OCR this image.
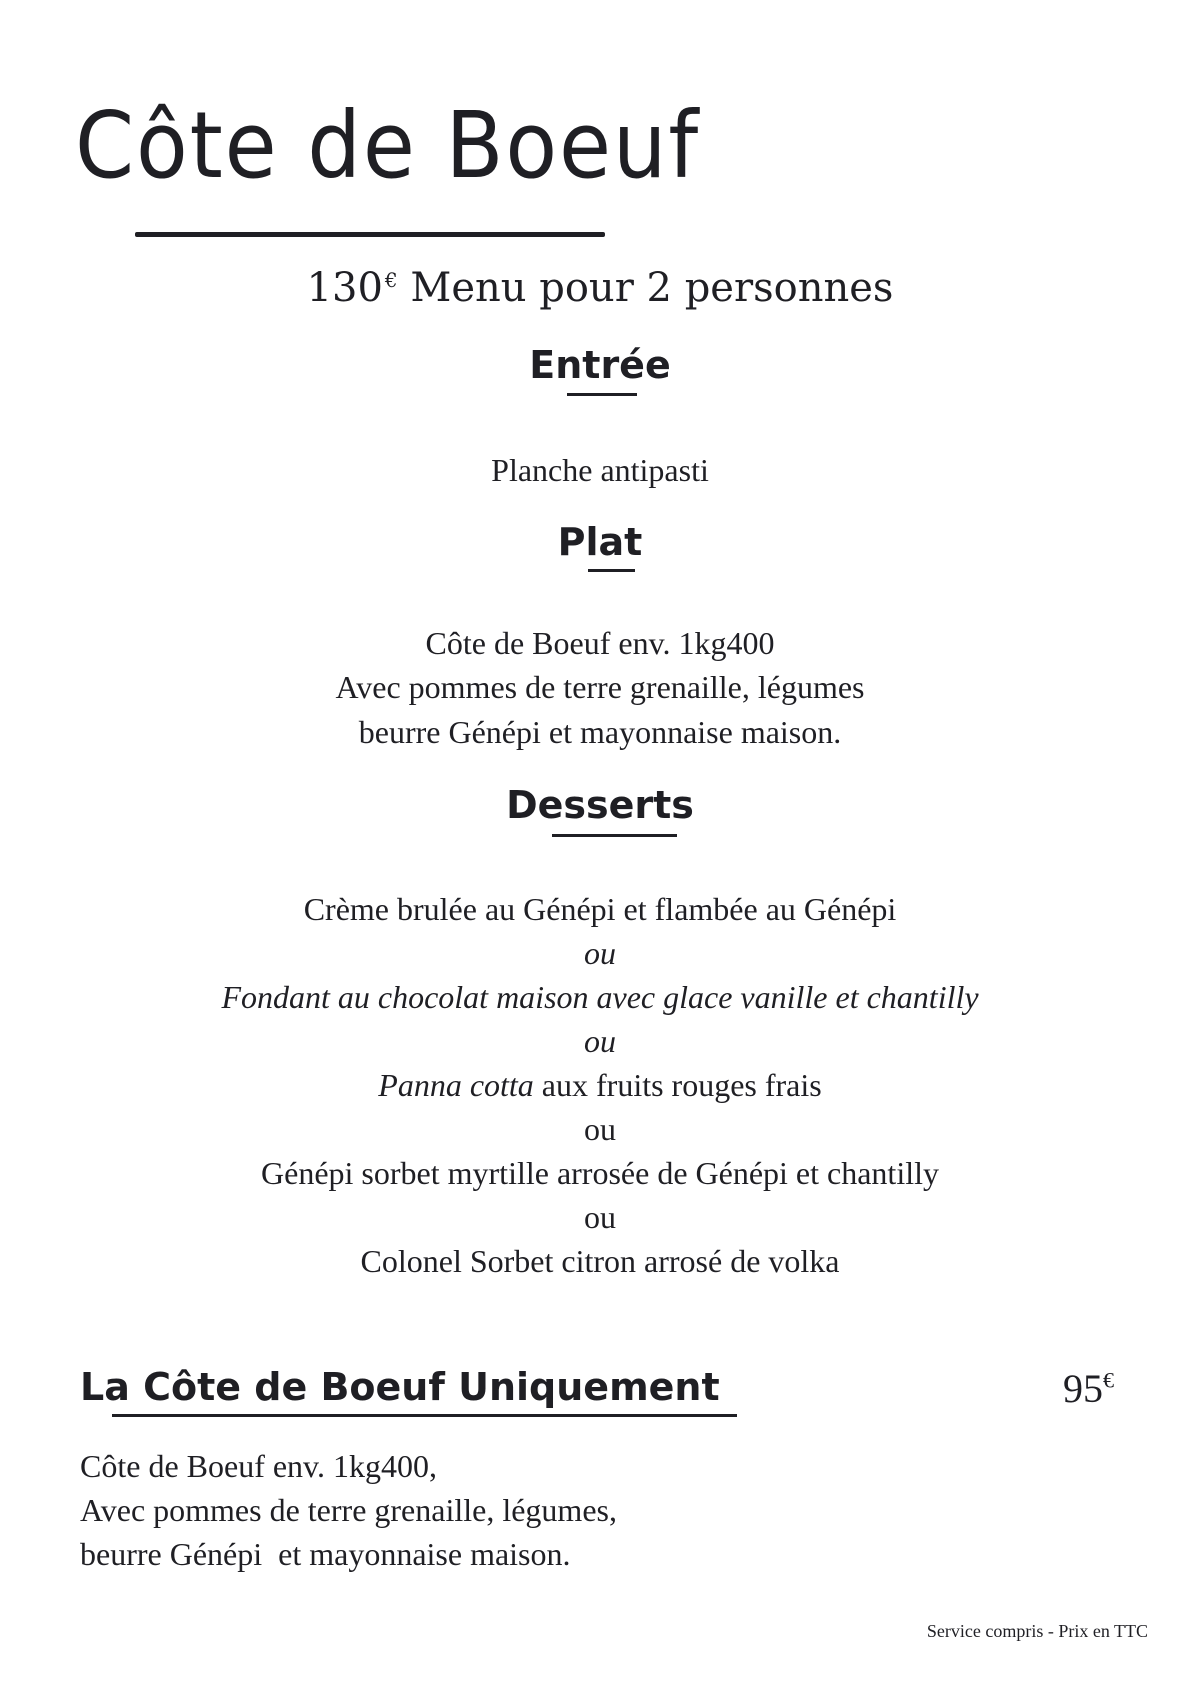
Côte de Boeuf
130 € Menu pour 2 personnes
Entrée
Planche antipasti
Plat
Côte de Boeuf env. 1kg400
Avec pommes de terre grenaille, légumes
beurre Génépi et mayonnaise maison.
Desserts
Crème brulée au Génépi et flambée au Génépi
ou
Fondant au chocolat maison avec glace vanille et chantilly
ou
Panna cotta aux fruits rouges frais
ou
Génépi sorbet myrtille arrosée de Génépi et chantilly
ou
Colonel Sorbet citron arrosé de volka
La Côte de Boeuf Uniquement	95€
Côte de Boeuf env. 1kg400,
Avec pommes de terre grenaille, légumes,
beurre Génépi  et mayonnaise maison.
Service compris - Prix en TTC
